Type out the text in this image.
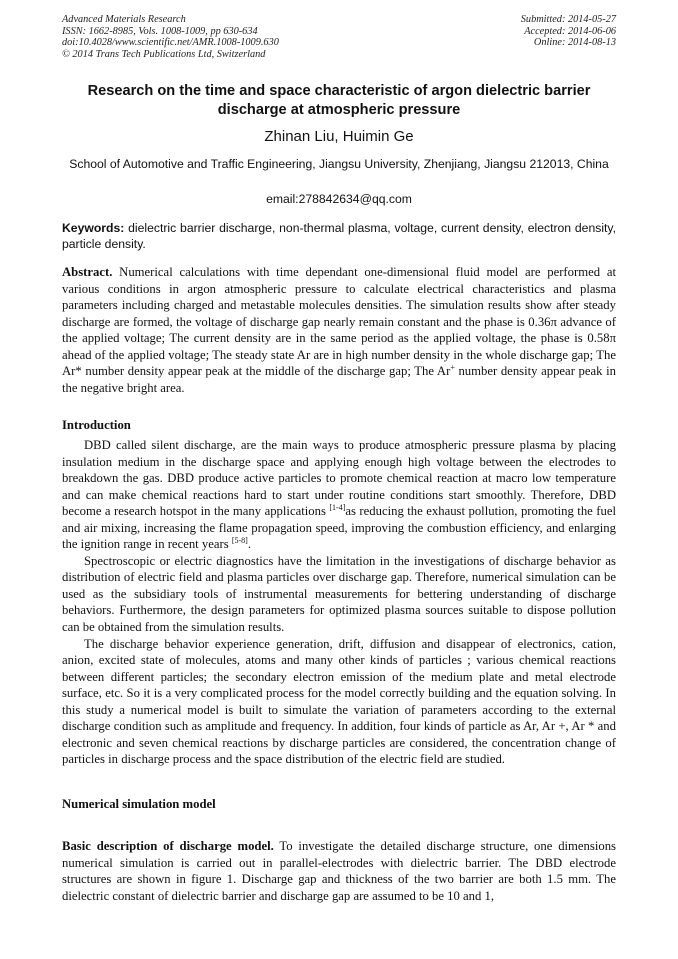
Advanced Materials Research
ISSN: 1662-8985, Vols. 1008-1009, pp 630-634
doi:10.4028/www.scientific.net/AMR.1008-1009.630
© 2014 Trans Tech Publications Ltd, Switzerland
Submitted: 2014-05-27
Accepted: 2014-06-06
Online: 2014-08-13
Research on the time and space characteristic of argon dielectric barrier
discharge at atmospheric pressure
Zhinan Liu, Huimin Ge
School of Automotive and Traffic Engineering, Jiangsu University, Zhenjiang, Jiangsu 212013, China
email:278842634@qq.com
Keywords: dielectric barrier discharge, non-thermal plasma, voltage, current density, electron density, particle density.
Abstract. Numerical calculations with time dependant one-dimensional fluid model are performed at various conditions in argon atmospheric pressure to calculate electrical characteristics and plasma parameters including charged and metastable molecules densities. The simulation results show after steady discharge are formed, the voltage of discharge gap nearly remain constant and the phase is 0.36π advance of the applied voltage; The current density are in the same period as the applied voltage, the phase is 0.58π ahead of the applied voltage; The steady state Ar are in high number density in the whole discharge gap; The Ar* number density appear peak at the middle of the discharge gap; The Ar+ number density appear peak in the negative bright area.
Introduction

DBD called silent discharge, are the main ways to produce atmospheric pressure plasma by placing insulation medium in the discharge space and applying enough high voltage between the electrodes to breakdown the gas. DBD produce active particles to promote chemical reaction at macro low temperature and can make chemical reactions hard to start under routine conditions start smoothly. Therefore, DBD become a research hotspot in the many applications [1-4]as reducing the exhaust pollution, promoting the fuel and air mixing, increasing the flame propagation speed, improving the combustion efficiency, and enlarging the ignition range in recent years [5-8].

Spectroscopic or electric diagnostics have the limitation in the investigations of discharge behavior as distribution of electric field and plasma particles over discharge gap. Therefore, numerical simulation can be used as the subsidiary tools of instrumental measurements for bettering understanding of discharge behaviors. Furthermore, the design parameters for optimized plasma sources suitable to dispose pollution can be obtained from the simulation results.

The discharge behavior experience generation, drift, diffusion and disappear of electronics, cation, anion, excited state of molecules, atoms and many other kinds of particles ; various chemical reactions between different particles; the secondary electron emission of the medium plate and metal electrode surface, etc. So it is a very complicated process for the model correctly building and the equation solving. In this study a numerical model is built to simulate the variation of parameters according to the external discharge condition such as amplitude and frequency. In addition, four kinds of particle as Ar, Ar +, Ar * and electronic and seven chemical reactions by discharge particles are considered, the concentration change of particles in discharge process and the space distribution of the electric field are studied.

Numerical simulation model
Basic description of discharge model. To investigate the detailed discharge structure, one dimensions numerical simulation is carried out in parallel-electrodes with dielectric barrier. The DBD electrode structures are shown in figure 1. Discharge gap and thickness of the two barrier are both 1.5 mm. The dielectric constant of dielectric barrier and discharge gap are assumed to be 10 and 1,
